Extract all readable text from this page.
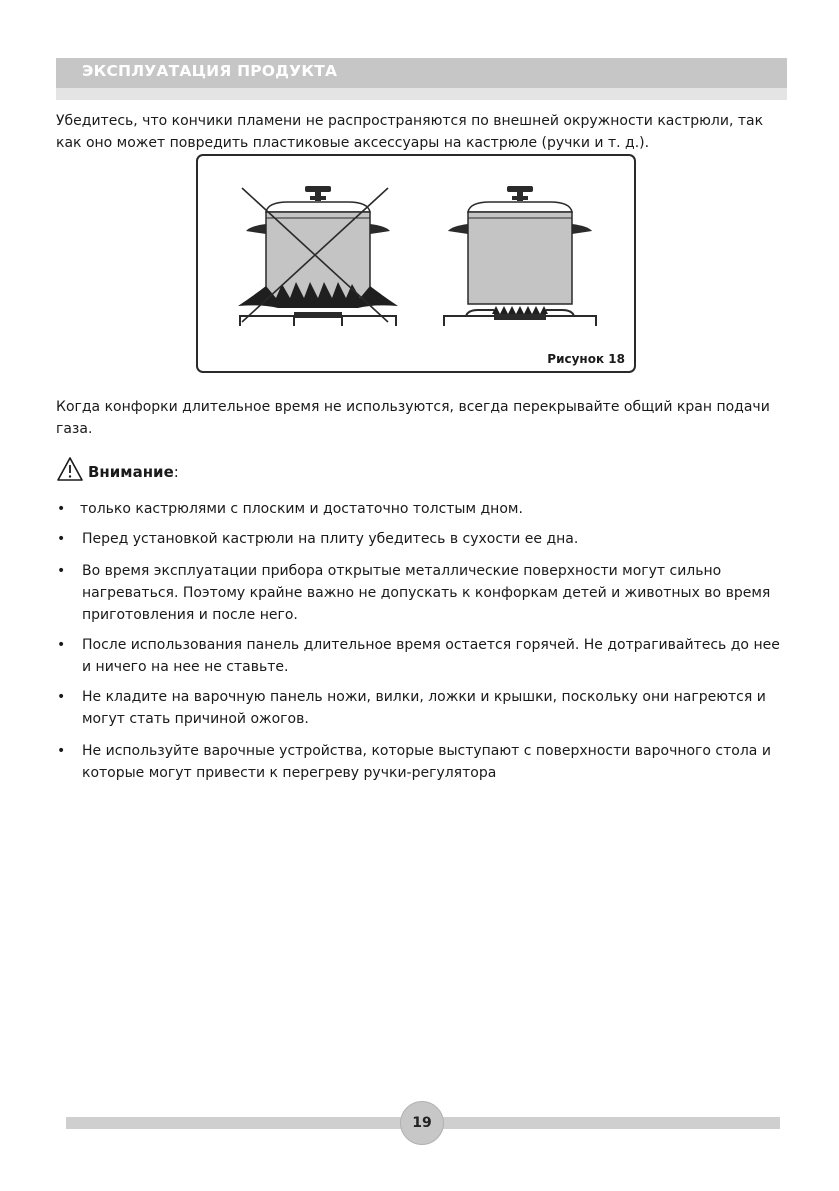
ЭКСПЛУАТАЦИЯ ПРОДУКТА

Убедитесь, что кончики пламени не распространяются по внешней окружности кастрюли, так как оно может повредить пластиковые аксессуары на кастрюле (ручки и т. д.).

Рисунок 18

Когда конфорки длительное время не используются, всегда перекрывайте общий кран подачи газа.

Внимание :
• только кастрюлями с плоским и достаточно толстым дном.
• Перед установкой кастрюли на плиту убедитесь в сухости ее дна.
• Во время эксплуатации прибора открытые металлические поверхности могут сильно нагреваться. Поэтому крайне важно не допускать к конфоркам детей и животных во время приготовления и после него.
• После использования панель длительное время остается горячей. Не дотрагивайтесь до нее и ничего на нее не ставьте.
• Не кладите на варочную панель ножи, вилки, ложки и крышки, поскольку они нагреются и могут стать причиной ожогов.
• Не используйте варочные устройства, которые выступают с поверхности варочного стола и которые могут привести к перегреву ручки-регулятора
19
